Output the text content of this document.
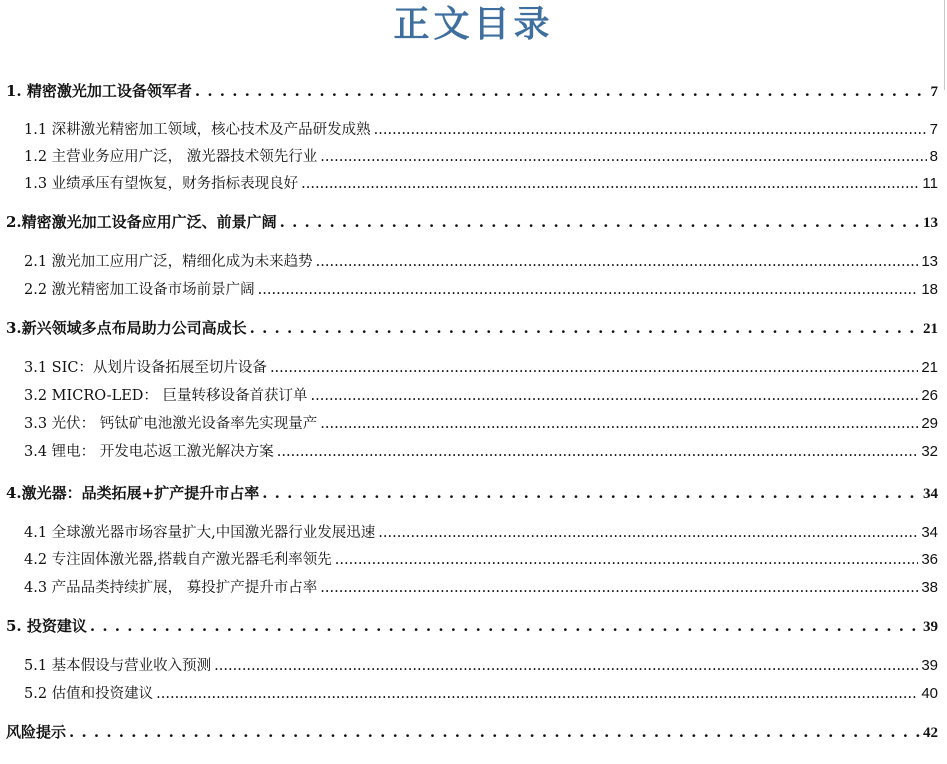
正文目录
1. 精密激光加工设备领军者 . . .	7
1.1 深耕激光精密加工领域，核心技术及产品研发成熟 .....	7
1.2 主营业务应用广泛， 激光器技术领先行业 .....	8
1.3 业绩承压有望恢复，财务指标表现良好 .....	11
2.精密激光加工设备应用广泛、前景广阔 . . .	13
2.1 激光加工应用广泛，精细化成为未来趋势 .....	13
2.2 激光精密加工设备市场前景广阔 .....	18
3.新兴领域多点布局助力公司高成长 . . .	21
3.1 SIC：从划片设备拓展至切片设备 .....	21
3.2 MICRO-LED： 巨量转移设备首获订单 .....	26
3.3 光伏： 钙钛矿电池激光设备率先实现量产 .....	29
3.4 锂电： 开发电芯返工激光解决方案 .....	32
4.激光器：品类拓展+扩产提升市占率 . . .	34
4.1 全球激光器市场容量扩大,中国激光器行业发展迅速 .....	34
4.2 专注固体激光器,搭载自产激光器毛利率领先 .....	36
4.3 产品品类持续扩展， 募投扩产提升市占率 .....	38
5. 投资建议 . . .	39
5.1 基本假设与营业收入预测 .....	39
5.2 估值和投资建议 .....	40
风险提示 . . .	42
